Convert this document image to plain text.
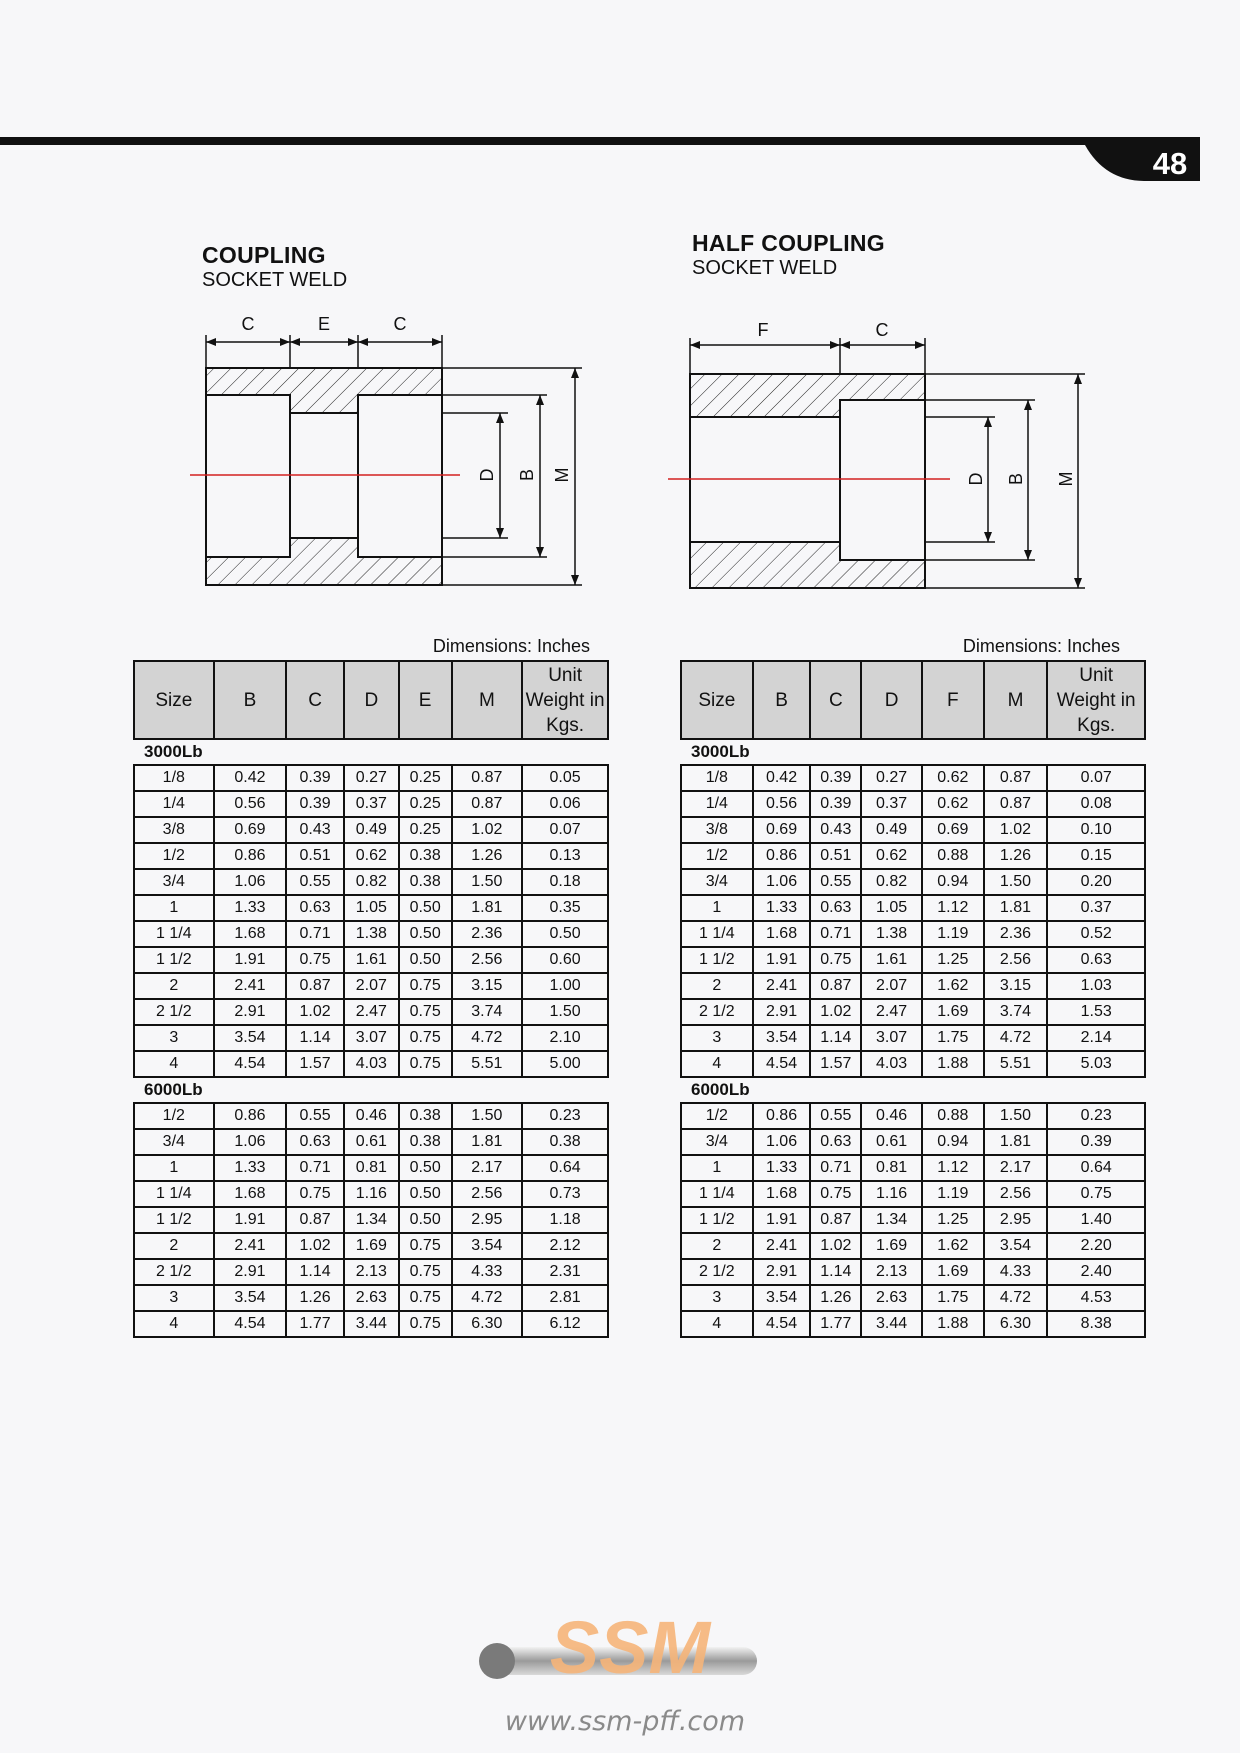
48
COUPLING
SOCKET WELD
HALF COUPLING
SOCKET WELD
C	E	C
D B M
F	C
D B M
Dimensions: Inches	Dimensions: Inches
Size	B	C	D	E	M	Unit Weight in Kgs.
3000Lb						
1/8	0.42	0.39	0.27	0.25	0.87	0.05
1/4	0.56	0.39	0.37	0.25	0.87	0.06
3/8	0.69	0.43	0.49	0.25	1.02	0.07
1/2	0.86	0.51	0.62	0.38	1.26	0.13
3/4	1.06	0.55	0.82	0.38	1.50	0.18
1	1.33	0.63	1.05	0.50	1.81	0.35
1 1/4	1.68	0.71	1.38	0.50	2.36	0.50
1 1/2	1.91	0.75	1.61	0.50	2.56	0.60
2	2.41	0.87	2.07	0.75	3.15	1.00
2 1/2	2.91	1.02	2.47	0.75	3.74	1.50
3	3.54	1.14	3.07	0.75	4.72	2.10
4	4.54	1.57	4.03	0.75	5.51	5.00
6000Lb						
1/2	0.86	0.55	0.46	0.38	1.50	0.23
3/4	1.06	0.63	0.61	0.38	1.81	0.38
1	1.33	0.71	0.81	0.50	2.17	0.64
1 1/4	1.68	0.75	1.16	0.50	2.56	0.73
1 1/2	1.91	0.87	1.34	0.50	2.95	1.18
2	2.41	1.02	1.69	0.75	3.54	2.12
2 1/2	2.91	1.14	2.13	0.75	4.33	2.31
3	3.54	1.26	2.63	0.75	4.72	2.81
4	4.54	1.77	3.44	0.75	6.30	6.12
Size	B	C	D	F	M	Unit Weight in Kgs.
3000Lb						
1/8	0.42	0.39	0.27	0.62	0.87	0.07
1/4	0.56	0.39	0.37	0.62	0.87	0.08
3/8	0.69	0.43	0.49	0.69	1.02	0.10
1/2	0.86	0.51	0.62	0.88	1.26	0.15
3/4	1.06	0.55	0.82	0.94	1.50	0.20
1	1.33	0.63	1.05	1.12	1.81	0.37
1 1/4	1.68	0.71	1.38	1.19	2.36	0.52
1 1/2	1.91	0.75	1.61	1.25	2.56	0.63
2	2.41	0.87	2.07	1.62	3.15	1.03
2 1/2	2.91	1.02	2.47	1.69	3.74	1.53
3	3.54	1.14	3.07	1.75	4.72	2.14
4	4.54	1.57	4.03	1.88	5.51	5.03
6000Lb						
1/2	0.86	0.55	0.46	0.88	1.50	0.23
3/4	1.06	0.63	0.61	0.94	1.81	0.39
1	1.33	0.71	0.81	1.12	2.17	0.64
1 1/4	1.68	0.75	1.16	1.19	2.56	0.75
1 1/2	1.91	0.87	1.34	1.25	2.95	1.40
2	2.41	1.02	1.69	1.62	3.54	2.20
2 1/2	2.91	1.14	2.13	1.69	4.33	2.40
3	3.54	1.26	2.63	1.75	4.72	4.53
4	4.54	1.77	3.44	1.88	6.30	8.38
SSM
www.ssm-pff.com
